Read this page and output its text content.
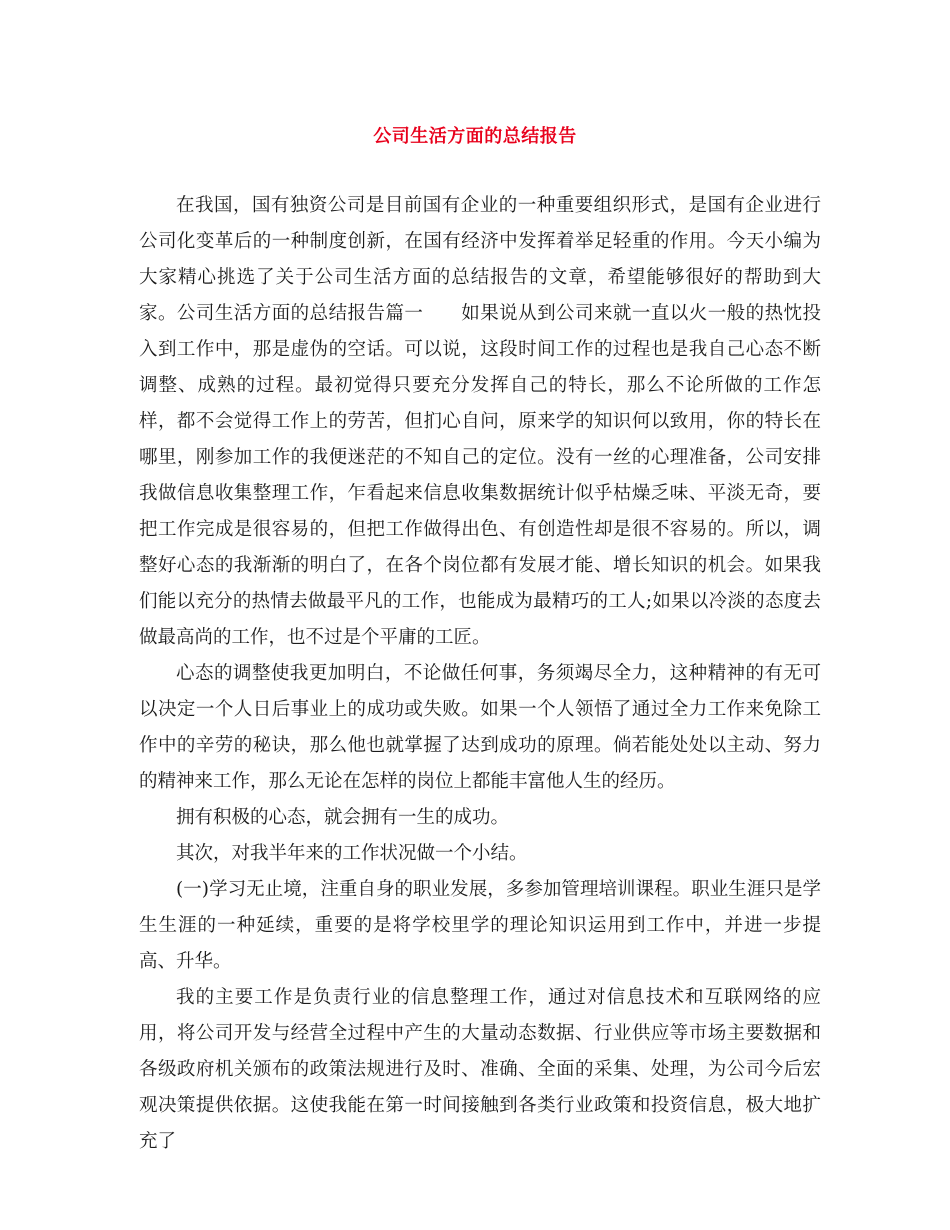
公司生活方面的总结报告

在我国，国有独资公司是目前国有企业的一种重要组织形式，是国有企业进行公司化变革后的一种制度创新，在国有经济中发挥着举足轻重的作用。今天小编为大家精心挑选了关于公司生活方面的总结报告的文章，希望能够很好的帮助到大家。公司生活方面的总结报告篇一　　如果说从到公司来就一直以火一般的热忱投入到工作中，那是虚伪的空话。可以说，这段时间工作的过程也是我自己心态不断调整、成熟的过程。最初觉得只要充分发挥自己的特长，那么不论所做的工作怎样，都不会觉得工作上的劳苦，但扪心自问，原来学的知识何以致用，你的特长在哪里，刚参加工作的我便迷茫的不知自己的定位。没有一丝的心理准备，公司安排我做信息收集整理工作，乍看起来信息收集数据统计似乎枯燥乏味、平淡无奇，要把工作完成是很容易的，但把工作做得出色、有创造性却是很不容易的。所以，调整好心态的我渐渐的明白了，在各个岗位都有发展才能、增长知识的机会。如果我们能以充分的热情去做最平凡的工作，也能成为最精巧的工人;如果以冷淡的态度去做最高尚的工作，也不过是个平庸的工匠。

心态的调整使我更加明白，不论做任何事，务须竭尽全力，这种精神的有无可以决定一个人日后事业上的成功或失败。如果一个人领悟了通过全力工作来免除工作中的辛劳的秘诀，那么他也就掌握了达到成功的原理。倘若能处处以主动、努力的精神来工作，那么无论在怎样的岗位上都能丰富他人生的经历。

拥有积极的心态，就会拥有一生的成功。

其次，对我半年来的工作状况做一个小结。

(一)学习无止境，注重自身的职业发展，多参加管理培训课程。职业生涯只是学生生涯的一种延续，重要的是将学校里学的理论知识运用到工作中，并进一步提高、升华。

我的主要工作是负责行业的信息整理工作，通过对信息技术和互联网络的应用，将公司开发与经营全过程中产生的大量动态数据、行业供应等市场主要数据和各级政府机关颁布的政策法规进行及时、准确、全面的采集、处理，为公司今后宏观决策提供依据。这使我能在第一时间接触到各类行业政策和投资信息，极大地扩充了
